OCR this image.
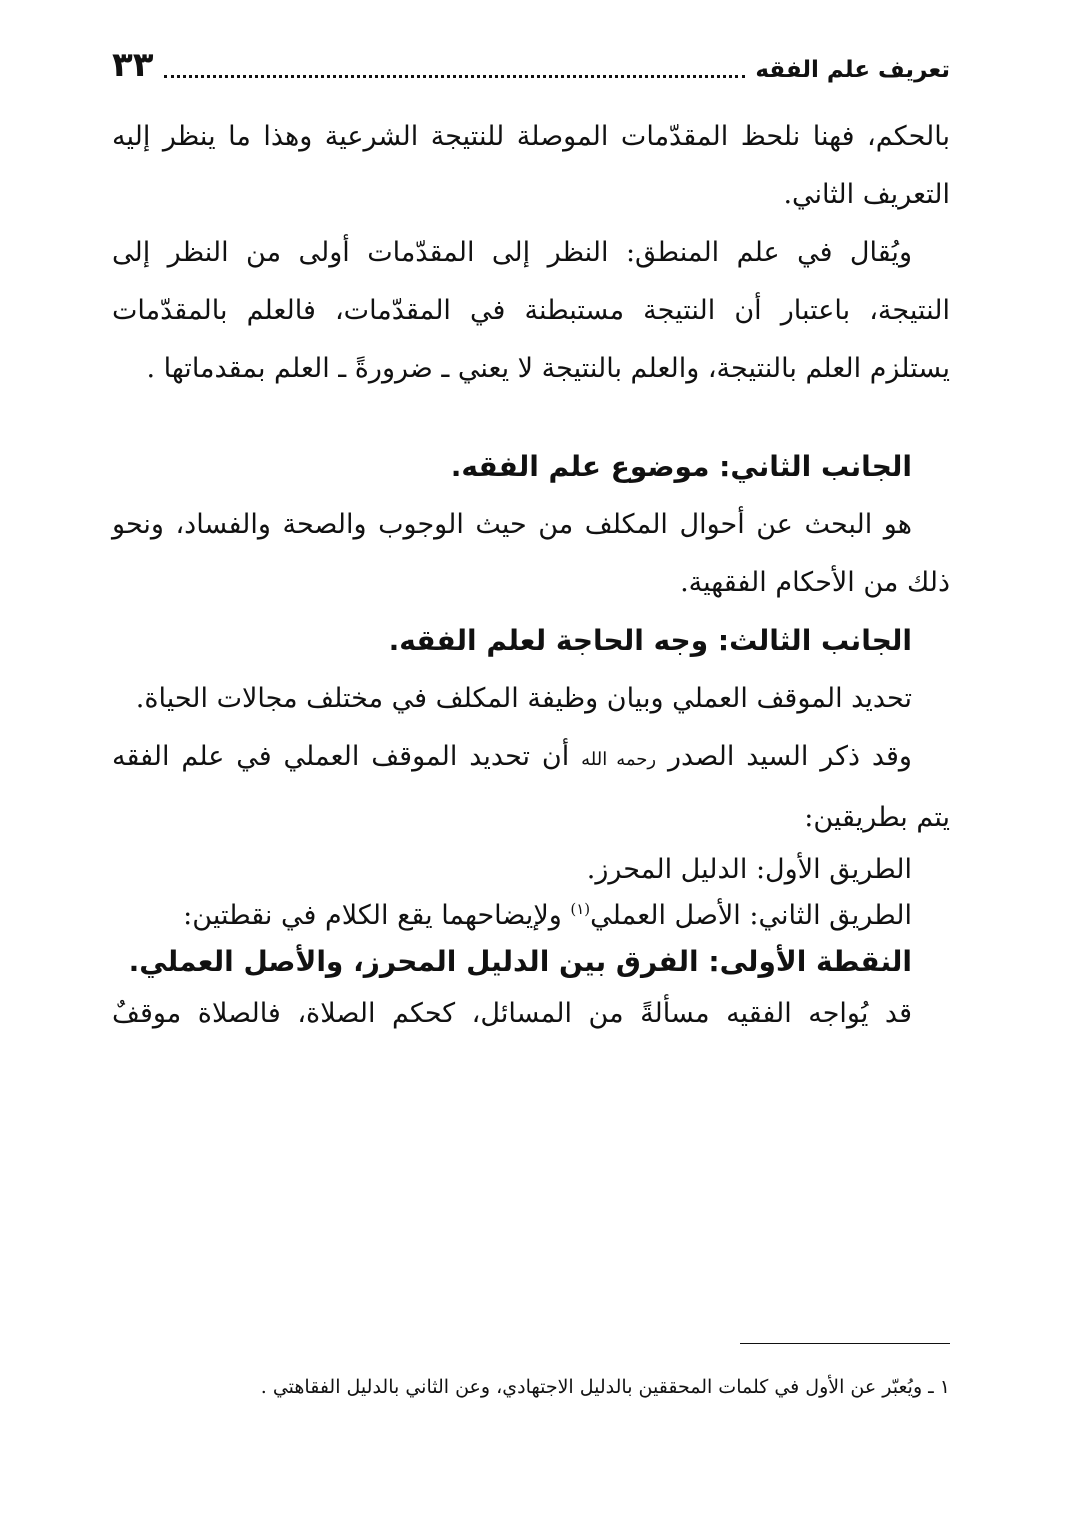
تعريف علم الفقه
٣٣

بالحكم، فهنا نلحظ المقدّمات الموصلة للنتيجة الشرعية وهذا ما ينظر إليه التعريف الثاني.

ويُقال في علم المنطق: النظر إلى المقدّمات أولى من النظر إلى النتيجة، باعتبار أن النتيجة مستبطنة في المقدّمات، فالعلم بالمقدّمات يستلزم العلم بالنتيجة، والعلم بالنتيجة لا يعني ـ ضرورةً ـ العلم بمقدماتها .

الجانب الثاني: موضوع علم الفقه.

هو البحث عن أحوال المكلف من حيث الوجوب والصحة والفساد، ونحو ذلك من الأحكام الفقهية.

الجانب الثالث: وجه الحاجة لعلم الفقه.

تحديد الموقف العملي وبيان وظيفة المكلف في مختلف مجالات الحياة.

وقد ذكر السيد الصدر رحمه الله أن تحديد الموقف العملي في علم الفقه يتم بطريقين:

الطريق الأول: الدليل المحرز.

الطريق الثاني: الأصل العملي$^{(١)}$ ولإيضاحهما يقع الكلام في نقطتين:

النقطة الأولى: الفرق بين الدليل المحرز، والأصل العملي.

قد يُواجه الفقيه مسألةً من المسائل، كحكم الصلاة، فالصلاة موقفٌ

١ ـ ويُعبّر عن الأول في كلمات المحققين بالدليل الاجتهادي، وعن الثاني بالدليل الفقاهتي .
